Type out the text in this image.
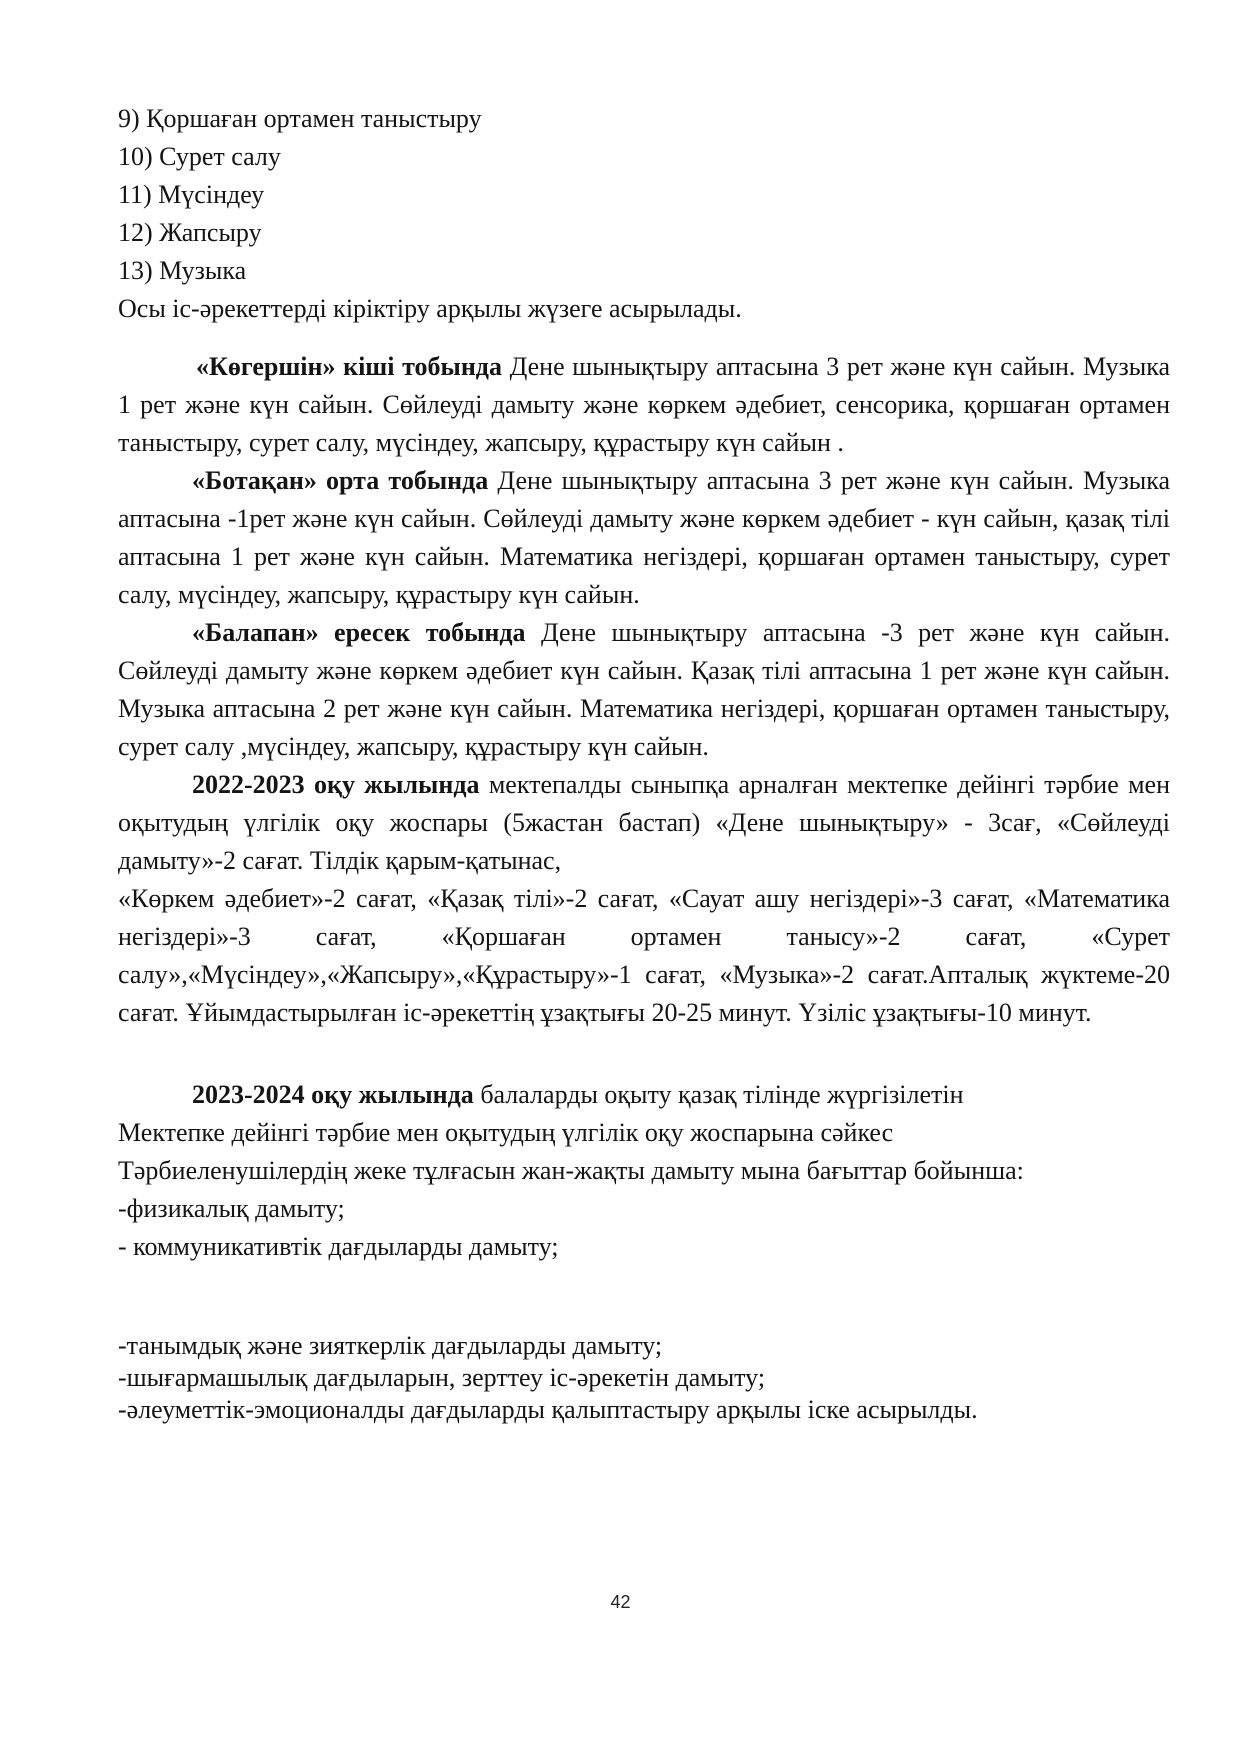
9) Қоршаған ортамен таныстыру
10) Сурет салу
11) Мүсіндеу
12) Жапсыру
13) Музыка
Осы іс-әрекеттерді кіріктіру арқылы жүзеге асырылады.
«Көгершін» кіші тобында Дене шынықтыру аптасына 3 рет және күн сайын. Музыка 1 рет және күн сайын. Сөйлеуді дамыту және көркем әдебиет, сенсорика, қоршаған ортамен таныстыру, сурет салу, мүсіндеу, жапсыру, құрастыру күн сайын .
«Ботақан» орта тобында Дене шынықтыру аптасына 3 рет және күн сайын. Музыка аптасына -1рет және күн сайын. Сөйлеуді дамыту және көркем әдебиет - күн сайын, қазақ тілі аптасына 1 рет және күн сайын. Математика негіздері, қоршаған ортамен таныстыру, сурет салу, мүсіндеу, жапсыру, құрастыру күн сайын.
«Балапан» ересек тобында Дене шынықтыру аптасына -3 рет және күн сайын. Сөйлеуді дамыту және көркем әдебиет күн сайын. Қазақ тілі аптасына 1 рет және күн сайын. Музыка аптасына 2 рет және күн сайын. Математика негіздері, қоршаған ортамен таныстыру, сурет салу ,мүсіндеу, жапсыру, құрастыру күн сайын.
2022-2023 оқу жылында мектепалды сыныпқа арналған мектепке дейінгі тәрбие мен оқытудың үлгілік оқу жоспары (5жастан бастап) «Дене шынықтыру» - 3сағ, «Сөйлеуді дамыту»-2 сағат. Тілдік қарым-қатынас,
«Көркем әдебиет»-2 сағат, «Қазақ тілі»-2 сағат, «Сауат ашу негіздері»-3 сағат, «Математика негіздері»-3 сағат, «Қоршаған ортамен танысу»-2 сағат, «Сурет салу»,«Мүсіндеу»,«Жапсыру»,«Құрастыру»-1 сағат, «Музыка»-2 сағат.Апталық жүктеме-20 сағат. Ұйымдастырылған іс-әрекеттің ұзақтығы 20-25 минут. Үзіліс ұзақтығы-10 минут.
2023-2024 оқу жылында балаларды оқыту қазақ тілінде жүргізілетін
Мектепке дейінгі тәрбие мен оқытудың үлгілік оқу жоспарына сәйкес
Тәрбиеленушілердің жеке тұлғасын жан-жақты дамыту мына бағыттар бойынша:
-физикалық дамыту;
- коммуникативтік дағдыларды дамыту;
-танымдық және зияткерлік дағдыларды дамыту;
-шығармашылық дағдыларын, зерттеу іс-әрекетін дамыту;
-әлеуметтік-эмоционалды дағдыларды қалыптастыру арқылы іске асырылды.
42
